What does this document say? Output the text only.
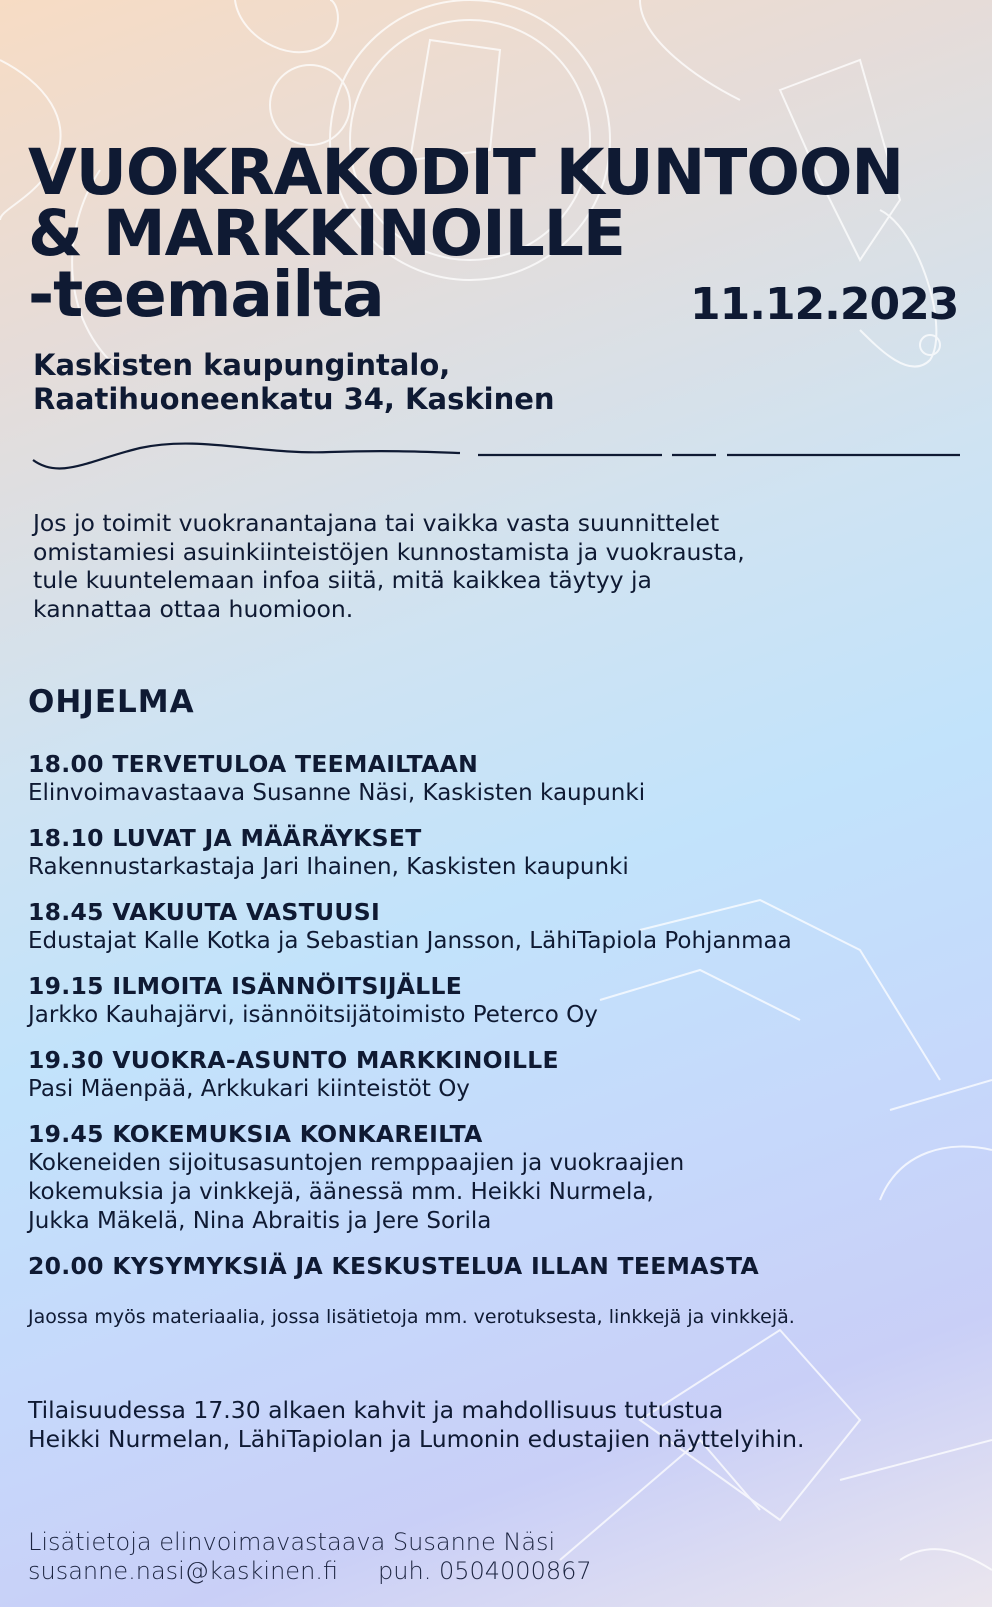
VUOKRAKODIT KUNTOON
& MARKKINOILLE
-teemailta	11.12.2023
Kaskisten kaupungintalo,
Raatihuoneenkatu 34, Kaskinen
Jos jo toimit vuokranantajana tai vaikka vasta suunnittelet
omistamiesi asuinkiinteistöjen kunnostamista ja vuokrausta,
tule kuuntelemaan infoa siitä, mitä kaikkea täytyy ja
kannattaa ottaa huomioon.
OHJELMA
18.00 TERVETULOA TEEMAILTAAN
Elinvoimavastaava Susanne Näsi, Kaskisten kaupunki
18.10 LUVAT JA MÄÄRÄYKSET
Rakennustarkastaja Jari Ihainen, Kaskisten kaupunki
18.45 VAKUUTA VASTUUSI
Edustajat Kalle Kotka ja Sebastian Jansson, LähiTapiola Pohjanmaa
19.15 ILMOITA ISÄNNÖITSIJÄLLE
Jarkko Kauhajärvi, isännöitsijätoimisto Peterco Oy
19.30 VUOKRA-ASUNTO MARKKINOILLE
Pasi Mäenpää, Arkkukari kiinteistöt Oy
19.45 KOKEMUKSIA KONKAREILTA
Kokeneiden sijoitusasuntojen remppaajien ja vuokraajien
kokemuksia ja vinkkejä, äänessä mm. Heikki Nurmela,
Jukka Mäkelä, Nina Abraitis ja Jere Sorila
20.00 KYSYMYKSIÄ JA KESKUSTELUA ILLAN TEEMASTA
Jaossa myös materiaalia, jossa lisätietoja mm. verotuksesta, linkkejä ja vinkkejä.
Tilaisuudessa 17.30 alkaen kahvit ja mahdollisuus tutustua
Heikki Nurmelan, LähiTapiolan ja Lumonin edustajien näyttelyihin.
Lisätietoja elinvoimavastaava Susanne Näsi
susanne.nasi@kaskinen.fi puh. 0504000867
